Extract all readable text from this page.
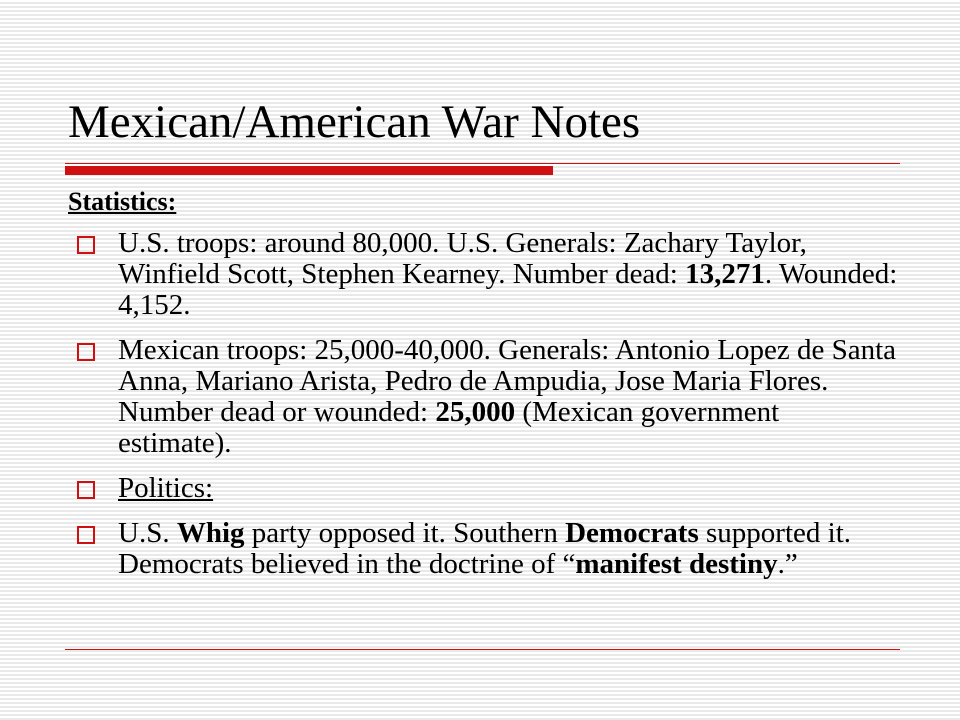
Mexican/American War Notes
Statistics:
U.S. troops: around 80,000. U.S. Generals: Zachary Taylor, Winfield Scott, Stephen Kearney. Number dead: 13,271. Wounded: 4,152.
Mexican troops: 25,000-40,000. Generals: Antonio Lopez de Santa Anna, Mariano Arista, Pedro de Ampudia, Jose Maria Flores. Number dead or wounded: 25,000 (Mexican government estimate).
Politics:
U.S. Whig party opposed it. Southern Democrats supported it. Democrats believed in the doctrine of “manifest destiny.”
